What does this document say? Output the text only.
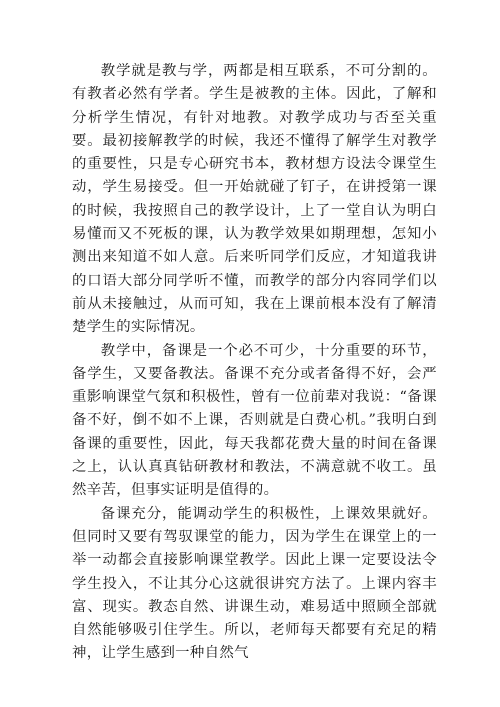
教学就是教与学，两都是相互联系，不可分割的。有教者必然有学者。学生是被教的主体。因此，了解和分析学生情况，有针对地教。对教学成功与否至关重要。最初接解教学的时候，我还不懂得了解学生对教学的重要性，只是专心研究书本，教材想方设法令课堂生动，学生易接受。但一开始就碰了钉子，在讲授第一课的时候，我按照自己的教学设计，上了一堂自认为明白易懂而又不死板的课，认为教学效果如期理想，怎知小测出来知道不如人意。后来听同学们反应，才知道我讲的口语大部分同学听不懂，而教学的部分内容同学们以前从未接触过，从而可知，我在上课前根本没有了解清楚学生的实际情况。

教学中，备课是一个必不可少，十分重要的环节，备学生，又要备教法。备课不充分或者备得不好，会严重影响课堂气氛和积极性，曾有一位前辈对我说：“备课备不好，倒不如不上课，否则就是白费心机。”我明白到备课的重要性，因此，每天我都花费大量的时间在备课之上，认认真真钻研教材和教法，不满意就不收工。虽然辛苦，但事实证明是值得的。

备课充分，能调动学生的积极性，上课效果就好。但同时又要有驾驭课堂的能力，因为学生在课堂上的一举一动都会直接影响课堂教学。因此上课一定要设法令学生投入，不让其分心这就很讲究方法了。上课内容丰富、现实。教态自然、讲课生动，难易适中照顾全部就自然能够吸引住学生。所以，老师每天都要有充足的精神，让学生感到一种自然气
